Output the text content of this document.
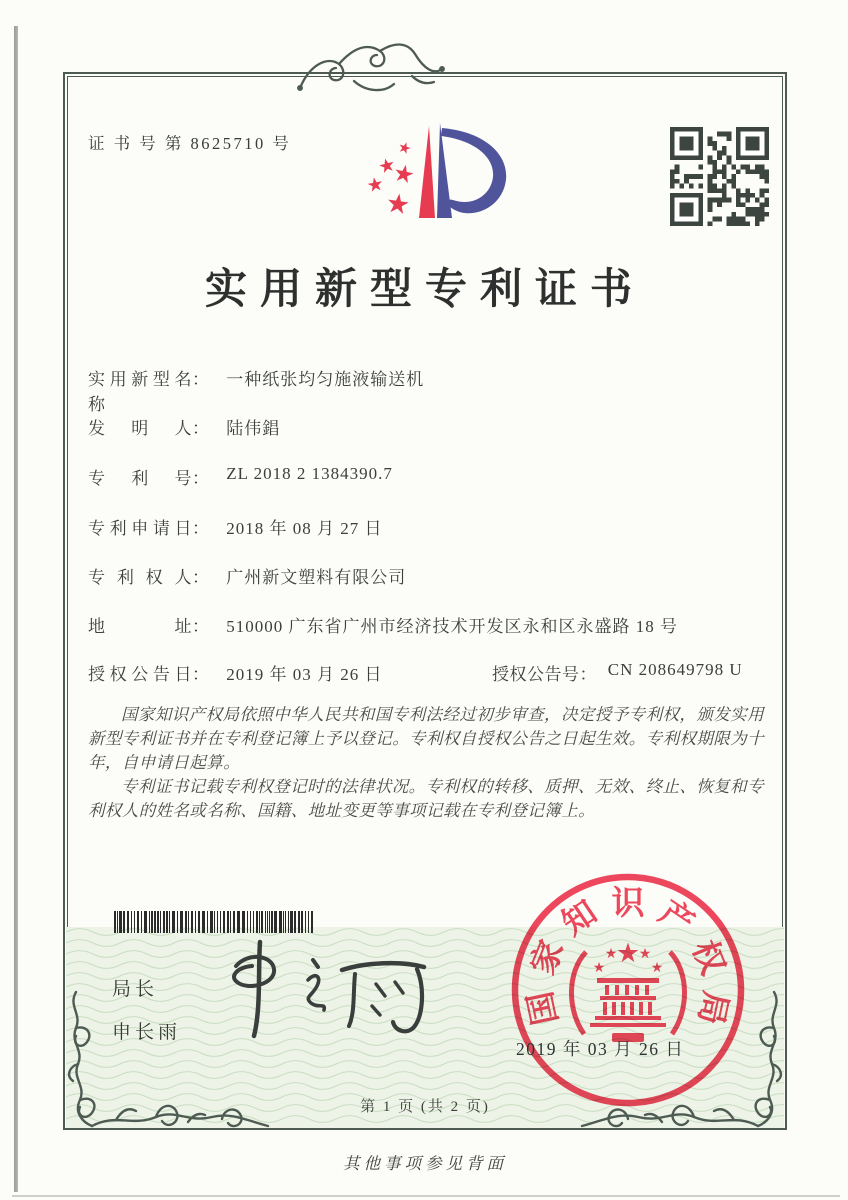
证 书 号 第 8625710 号	★
★
★
★
★
实用新型专利证书
实用新型名称： 一种纸张均匀施液输送机
发明人： 陆伟錩
专利号： ZL 2018 2 1384390.7
专利申请日： 2018 年 08 月 27 日
专利权人： 广州新文塑料有限公司
地址： 510000 广东省广州市经济技术开发区永和区永盛路 18 号
授权公告日： 2019 年 03 月 26 日	授权公告号： CN 208649798 U

国家知识产权局依照中华人民共和国专利法经过初步审查，决定授予专利权，颁发实用新型专利证书并在专利登记簿上予以登记。专利权自授权公告之日起生效。专利权期限为十年，自申请日起算。

专利证书记载专利权登记时的法律状况。专利权的转移、质押、无效、终止、恢复和专利权人的姓名或名称、国籍、地址变更等事项记载在专利登记簿上。

局长
申长雨
国
家
知 识 产
权
局
★
★
★ ★
★
2019 年 03 月 26 日
第 1 页 (共 2 页)
其他事项参见背面
